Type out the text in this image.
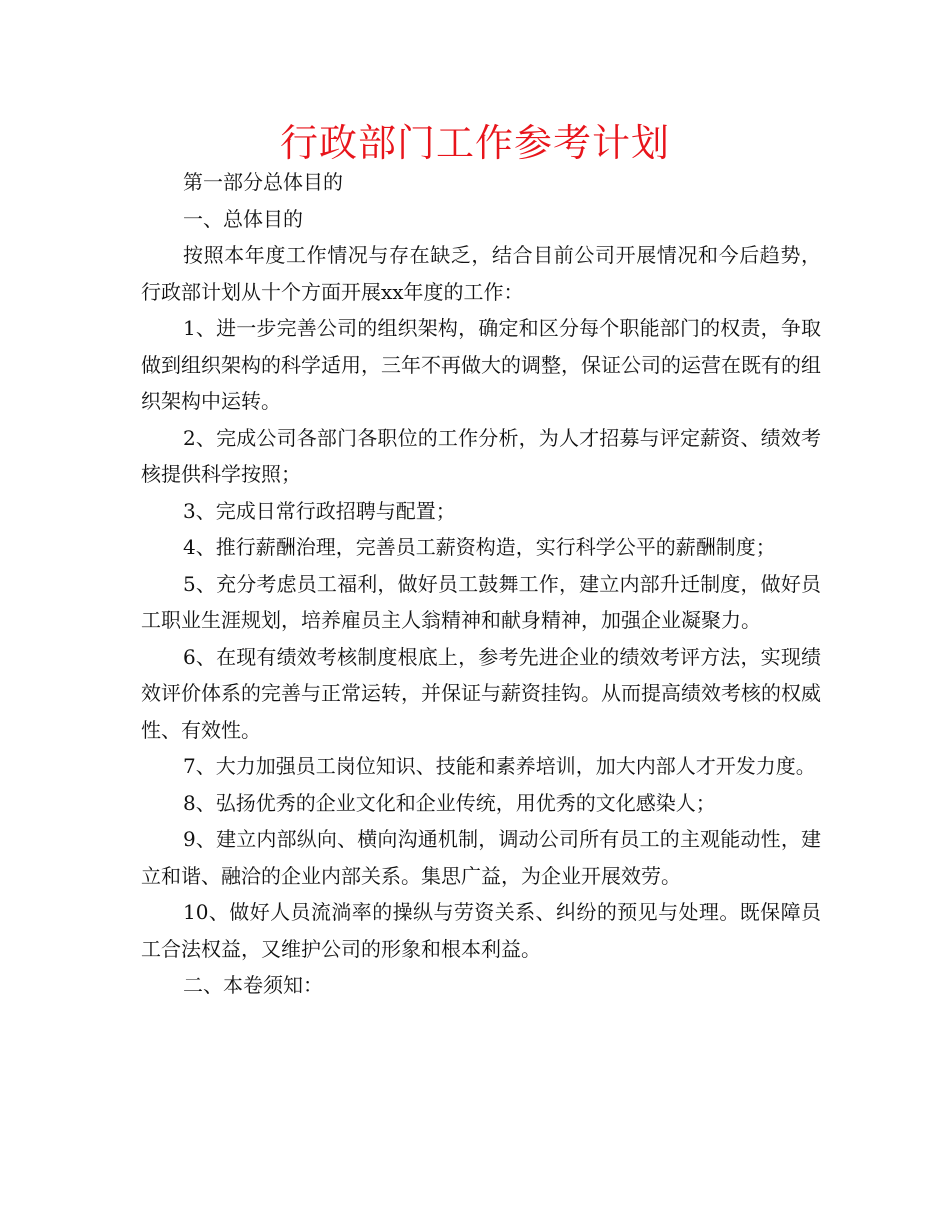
行政部门工作参考计划

第一部分总体目的

一、总体目的

按照本年度工作情况与存在缺乏，结合目前公司开展情况和今后趋势，行政部计划从十个方面开展xx年度的工作：

1、进一步完善公司的组织架构，确定和区分每个职能部门的权责，争取做到组织架构的科学适用，三年不再做大的调整，保证公司的运营在既有的组织架构中运转。

2、完成公司各部门各职位的工作分析，为人才招募与评定薪资、绩效考核提供科学按照；

3、完成日常行政招聘与配置；

4、推行薪酬治理，完善员工薪资构造，实行科学公平的薪酬制度；

5、充分考虑员工福利，做好员工鼓舞工作，建立内部升迁制度，做好员工职业生涯规划，培养雇员主人翁精神和献身精神，加强企业凝聚力。

6、在现有绩效考核制度根底上，参考先进企业的绩效考评方法，实现绩效评价体系的完善与正常运转，并保证与薪资挂钩。从而提高绩效考核的权威性、有效性。

7、大力加强员工岗位知识、技能和素养培训，加大内部人才开发力度。

8、弘扬优秀的企业文化和企业传统，用优秀的文化感染人；

9、建立内部纵向、横向沟通机制，调动公司所有员工的主观能动性，建立和谐、融洽的企业内部关系。集思广益，为企业开展效劳。

10、做好人员流淌率的操纵与劳资关系、纠纷的预见与处理。既保障员工合法权益，又维护公司的形象和根本利益。

二、本卷须知：
